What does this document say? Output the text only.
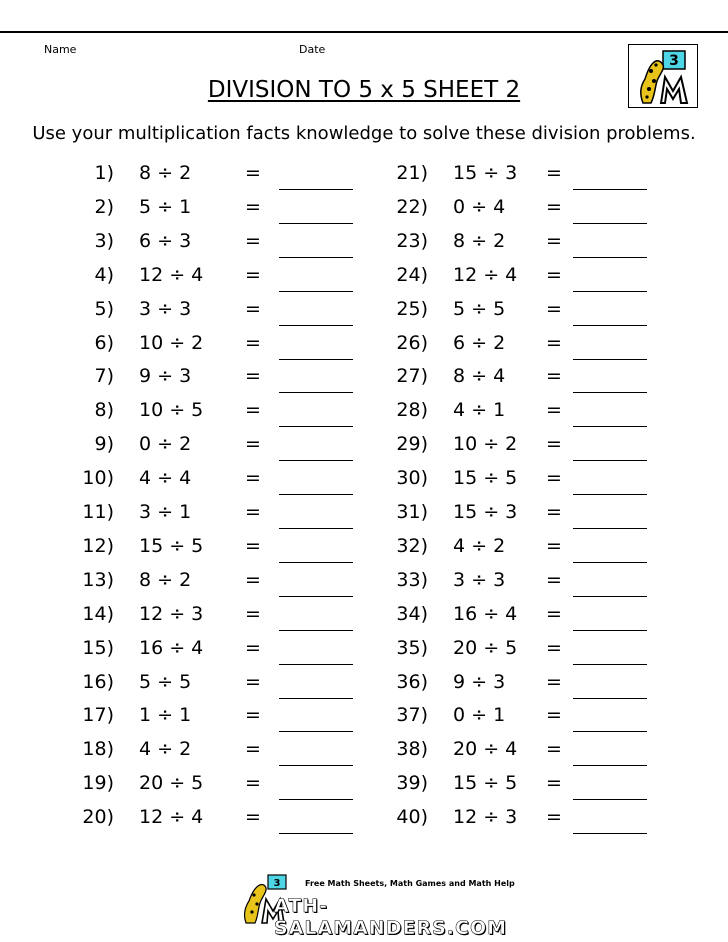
Name	Date
3
DIVISION TO 5 x 5 SHEET 2
Use your multiplication facts knowledge to solve these division problems.
1) 8 ÷ 2	=
2) 5 ÷ 1	=
3) 6 ÷ 3	=
4) 12 ÷ 4 =
5) 3 ÷ 3	=
6) 10 ÷ 2 =
7) 9 ÷ 3	=
8) 10 ÷ 5 =
9) 0 ÷ 2	=
10) 4 ÷ 4	=
11) 3 ÷ 1	=
12) 15 ÷ 5 =
13) 8 ÷ 2	=
14) 12 ÷ 3 =
15) 16 ÷ 4 =
16) 5 ÷ 5	=
17) 1 ÷ 1	=
18) 4 ÷ 2	=
19) 20 ÷ 5 =
20) 12 ÷ 4 =
21) 15 ÷ 3 =
22) 0 ÷ 4 =
23) 8 ÷ 2 =
24) 12 ÷ 4 =
25) 5 ÷ 5 =
26) 6 ÷ 2 =
27) 8 ÷ 4 =
28) 4 ÷ 1 =
29) 10 ÷ 2 =
30) 15 ÷ 5 =
31) 15 ÷ 3 =
32) 4 ÷ 2 =
33) 3 ÷ 3 =
34) 16 ÷ 4 =
35) 20 ÷ 5 =
36) 9 ÷ 3 =
37) 0 ÷ 1 =
38) 20 ÷ 4 =
39) 15 ÷ 5 =
40) 12 ÷ 3 =
3	Free Math Sheets, Math Games and Math Help
ATH-SALAMANDERS.COM
